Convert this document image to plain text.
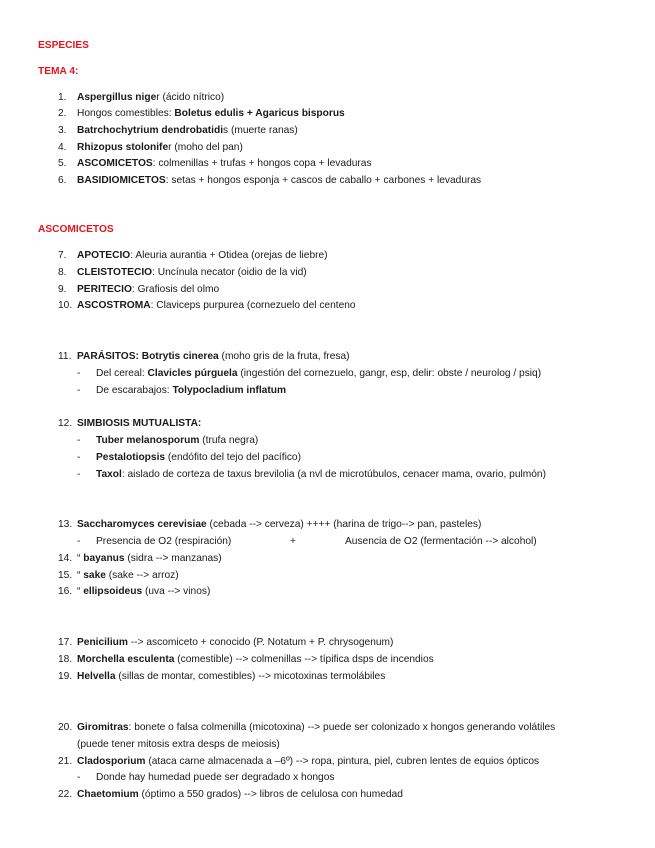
ESPECIES
TEMA 4:
1. Aspergillus niger (ácido nítrico)
2. Hongos comestibles: Boletus edulis + Agaricus bisporus
3. Batrchochytrium dendrobatidis (muerte ranas)
4. Rhizopus stolonifer (moho del pan)
5. ASCOMICETOS: colmenillas + trufas + hongos copa + levaduras
6. BASIDIOMICETOS: setas + hongos esponja + cascos de caballo + carbones + levaduras
ASCOMICETOS
7. APOTECIO: Aleuria aurantia + Otidea (orejas de liebre)
8. CLEISTOTECIO: Uncínula necator (oidio de la vid)
9. PERITECIO: Grafiosis del olmo
10. ASCOSTROMA: Claviceps purpurea (cornezuelo del centeno
11. PARÁSITOS: Botrytis cinerea (moho gris de la fruta, fresa)
- Del cereal: Clavicles púrguela (ingestión del cornezuelo, gangr, esp, delir: obste / neurolog / psiq)
- De escarabajos: Tolypocladium inflatum
12. SIMBIOSIS MUTUALISTA:
- Tuber melanosporum (trufa negra)
- Pestalotiopsis (endófito del tejo del pacífico)
- Taxol: aislado de corteza de taxus brevilolia (a nvl de microtúbulos, cenacer mama, ovario, pulmón)
13. Saccharomyces cerevisiae (cebada --> cerveza) ++++ (harina de trigo--> pan, pasteles)
- Presencia de O2 (respiración)	+	Ausencia de O2 (fermentación --> alcohol)
14. “ bayanus (sidra --> manzanas)
15. “ sake (sake --> arroz)
16. “ ellipsoideus (uva --> vinos)
17. Penicilium --> ascomiceto + conocido (P. Notatum + P. chrysogenum)
18. Morchella esculenta (comestible) --> colmenillas --> típifica dsps de incendios
19. Helvella (sillas de montar, comestibles) --> micotoxinas termolábiles
20. Giromitras: bonete o falsa colmenilla (micotoxina) --> puede ser colonizado x hongos generando volátiles
(puede tener mitosis extra desps de meiosis)
21. Cladosporium (ataca carne almacenada a –6º) --> ropa, pintura, piel, cubren lentes de equios ópticos
- Donde hay humedad puede ser degradado x hongos
22. Chaetomium (óptimo a 550 grados) --> libros de celulosa con humedad
